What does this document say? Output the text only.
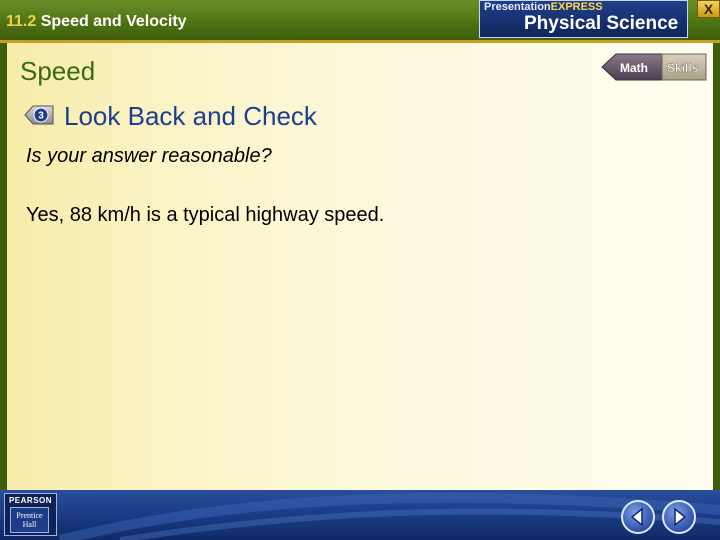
11.2 Speed and Velocity
PresentationEXPRESS
Physical Science
X
Speed	Math Skills
3 Look Back and Check
Is your answer reasonable?
Yes, 88 km/h is a typical highway speed.
PEARSON
Prentice
Hall
